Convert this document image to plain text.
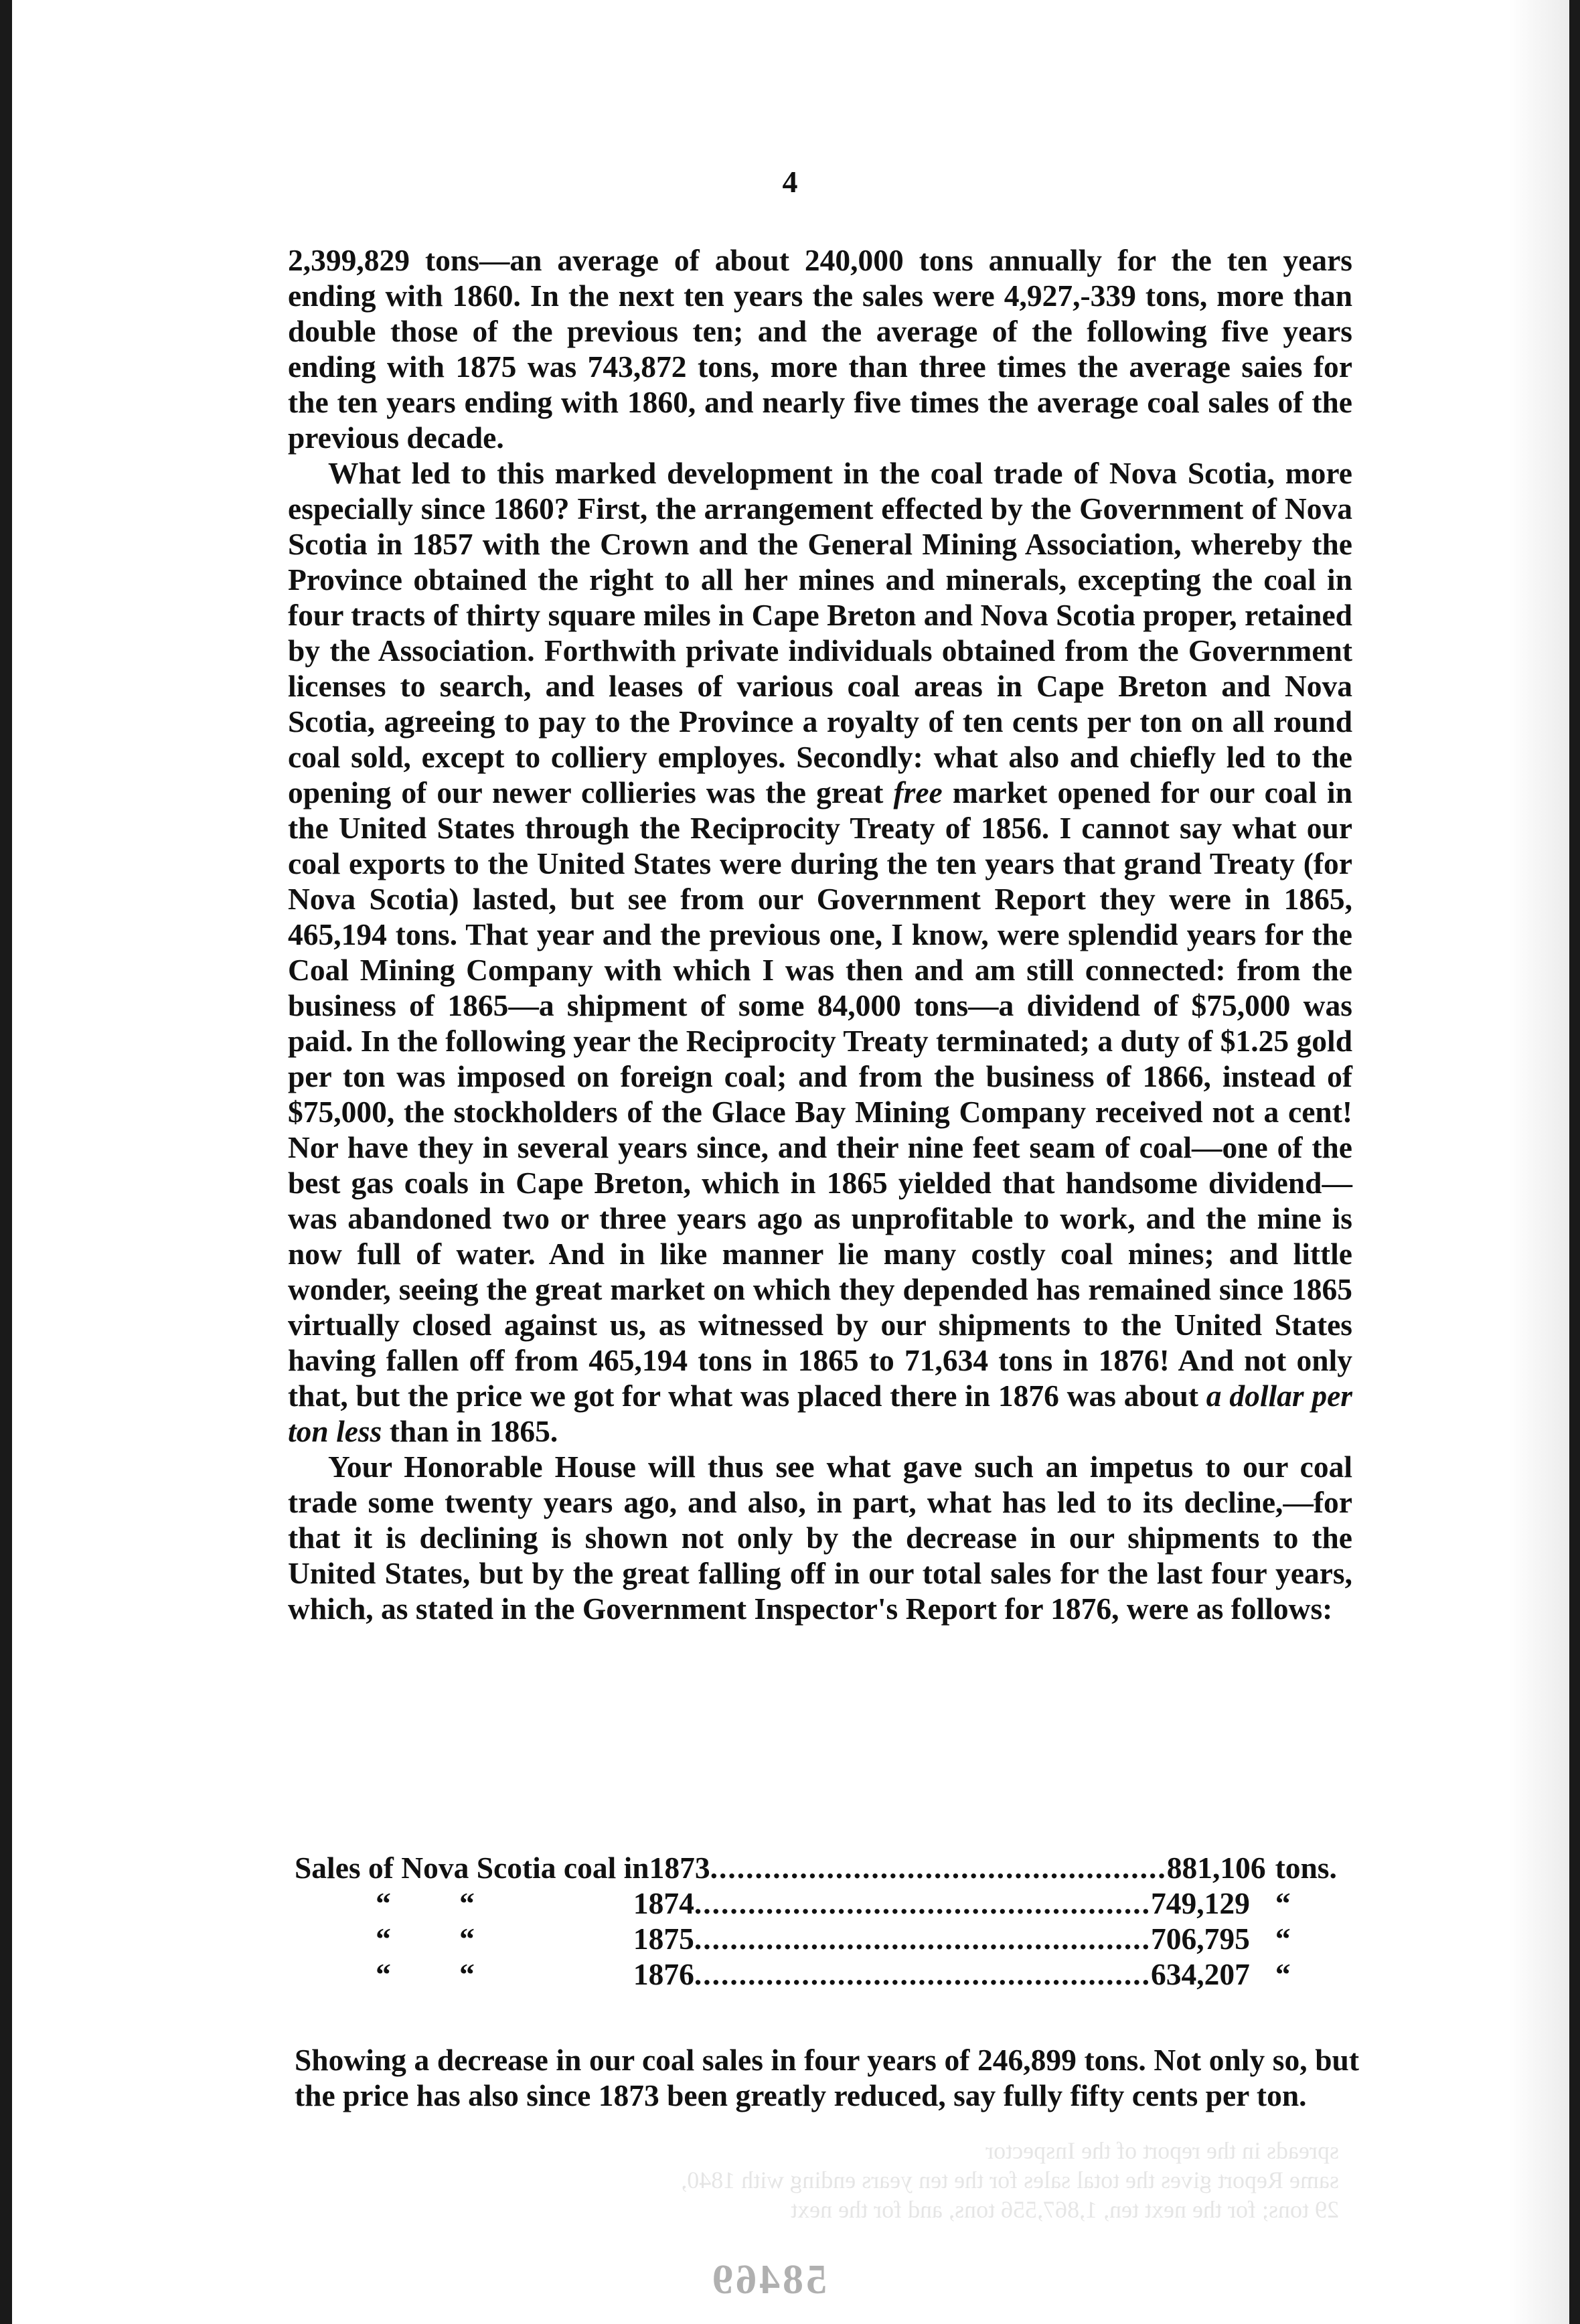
4

2,399,829 tons—an average of about 240,000 tons annually for the ten years ending with 1860. In the next ten years the sales were 4,927,-339 tons, more than double those of the previous ten; and the average of the following five years ending with 1875 was 743,872 tons, more than three times the average saies for the ten years ending with 1860, and nearly five times the average coal sales of the previous decade.

What led to this marked development in the coal trade of Nova Scotia, more especially since 1860? First, the arrangement effected by the Government of Nova Scotia in 1857 with the Crown and the General Mining Association, whereby the Province obtained the right to all her mines and minerals, excepting the coal in four tracts of thirty square miles in Cape Breton and Nova Scotia proper, retained by the Association. Forthwith private individuals obtained from the Government licenses to search, and leases of various coal areas in Cape Breton and Nova Scotia, agreeing to pay to the Province a royalty of ten cents per ton on all round coal sold, except to colliery employes. Secondly: what also and chiefly led to the opening of our newer collieries was the great free market opened for our coal in the United States through the Reciprocity Treaty of 1856. I cannot say what our coal exports to the United States were during the ten years that grand Treaty (for Nova Scotia) lasted, but see from our Government Report they were in 1865, 465,194 tons. That year and the previous one, I know, were splendid years for the Coal Mining Company with which I was then and am still connected: from the business of 1865—a shipment of some 84,000 tons—a dividend of $75,000 was paid. In the following year the Reciprocity Treaty terminated; a duty of $1.25 gold per ton was imposed on foreign coal; and from the business of 1866, instead of $75,000, the stockholders of the Glace Bay Mining Company received not a cent! Nor have they in several years since, and their nine feet seam of coal—one of the best gas coals in Cape Breton, which in 1865 yielded that handsome dividend—was abandoned two or three years ago as unprofitable to work, and the mine is now full of water. And in like manner lie many costly coal mines; and little wonder, seeing the great market on which they depended has remained since 1865 virtually closed against us, as witnessed by our shipments to the United States having fallen off from 465,194 tons in 1865 to 71,634 tons in 1876! And not only that, but the price we got for what was placed there in 1876 was about a dollar per ton less than in 1865.

Your Honorable House will thus see what gave such an impetus to our coal trade some twenty years ago, and also, in part, what has led to its decline,—for that it is declining is shown not only by the decrease in our shipments to the United States, but by the great falling off in our total sales for the last four years, which, as stated in the Government Inspector's Report for 1876, were as follows:

Sales of Nova Scotia coal in 1873 ................................................... 881,106 tons.
“	“	1874 ................................................... 749,129 “
“	“	1875 ................................................... 706,795 “
“	“	1876 ................................................... 634,207 “

Showing a decrease in our coal sales in four years of 246,899 tons. Not only so, but the price has also since 1873 been greatly reduced, say fully fifty cents per ton.

spreads in the report of the Inspector
same Report gives the total sales for the ten years ending with 1840,
29 tons; for the next ten, 1,867,556 tons, and for the next
58469
